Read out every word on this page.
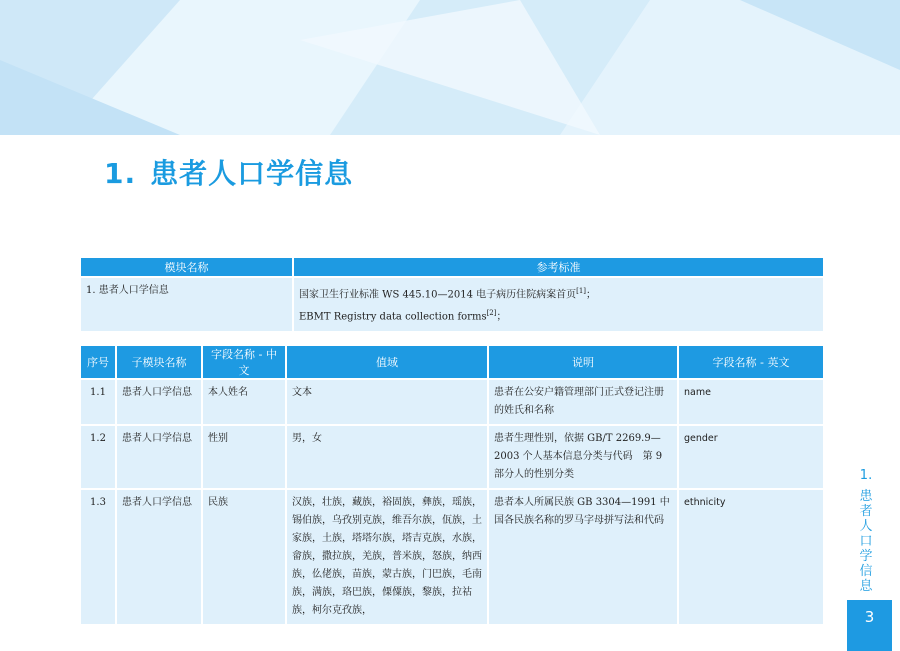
1. 患者人口学信息
模块名称	参考标准
1. 患者人口学信息	国家卫生行业标准 WS 445.10—2014 电子病历住院病案首页[1]；
EBMT Registry data collection forms[2]；
序号	子模块名称	字段名称 - 中文	值域	说明	字段名称 - 英文
1.1	患者人口学信息	本人姓名	文本	患者在公安户籍管理部门正式登记注册的姓氏和名称	name
1.2	患者人口学信息	性别	男，女	患者生理性别，依据 GB/T 2269.9—2003 个人基本信息分类与代码　第 9 部分人的性别分类	gender
1.3	患者人口学信息	民族	汉族，壮族，藏族，裕固族，彝族，瑶族，锡伯族，乌孜别克族，维吾尔族，佤族，土家族，土族，塔塔尔族，塔吉克族，水族，畲族，撒拉族，羌族，普米族，怒族，纳西族，仫佬族，苗族，蒙古族，门巴族，毛南族，满族，珞巴族，傈僳族，黎族，拉祜族，柯尔克孜族，	患者本人所属民族 GB 3304—1991 中国各民族名称的罗马字母拼写法和代码	ethnicity
1.
患
者
人
口
学
信
息
3
